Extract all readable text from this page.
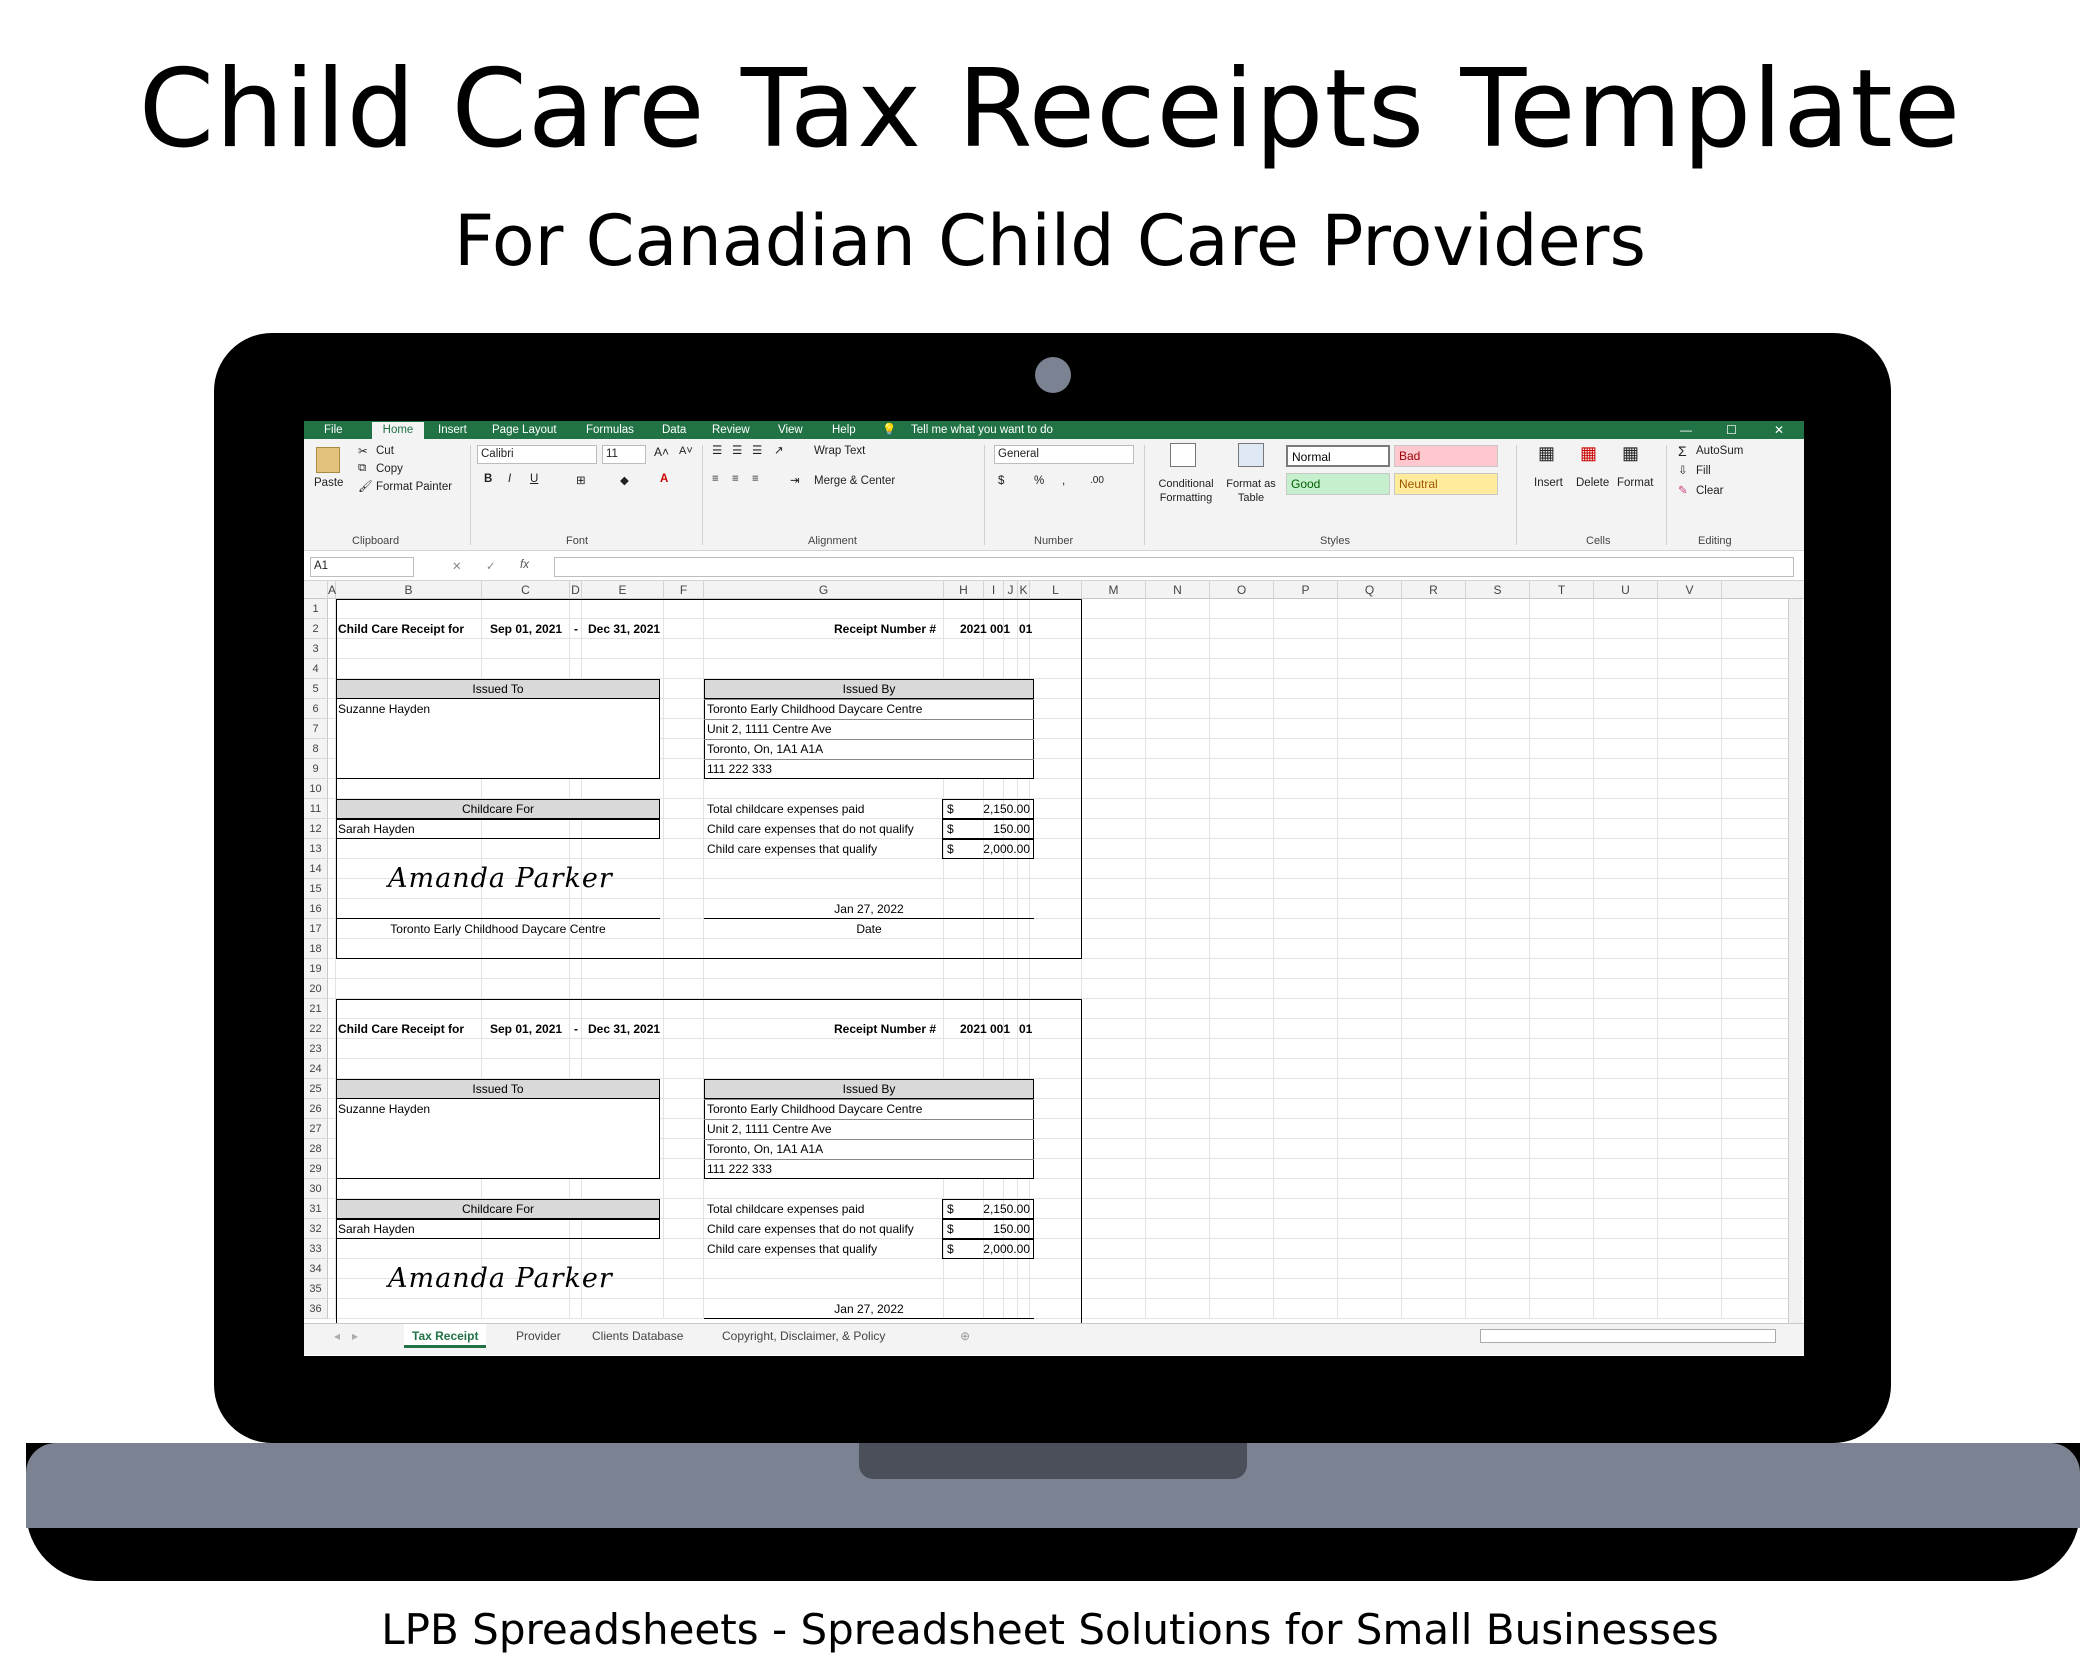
Child Care Tax Receipts Template
For Canadian Child Care Providers
File	Home	Insert	Page Layout	Formulas	Data	Review	View	Help	💡	Tell me what you want to do	—	☐	✕
Paste
✂ Cut
⧉ Copy
🖌 Format Painter
Clipboard
Calibri	11	A˄ A˅
B I U	⊞	◆	A
Font
☰ ☰ ☰ ↗
≡ ≡ ≡	⇥
Wrap Text
Merge & Center
Alignment
General
$	% , .00
Number
Conditional Formatting
Format as Table
Normal	Bad
Good	Neutral
Styles
▦
Insert
▦
Delete
▦
Format
Cells
Σ AutoSum
⇩ Fill
✎ Clear
Editing
A1	✕ ✓ fx
A	B	C	D	E	F	G	H	I	J K	L	M	N	O	P	Q	R	S	T	U	V
1
2
3
4
5
6
7
8
9
10
11
12
13
14
15
16
17
18
19
20
21
22
23
24
25
26
27
28
29
30
31
32
33
34
35
36
Child Care Receipt for Sep 01, 2021 - Dec 31, 2021	Receipt Number # 2021 001 01
Issued To
Suzanne Hayden
Issued By
Toronto Early Childhood Daycare Centre
Unit 2, 1111 Centre Ave
Toronto, On, 1A1 A1A
111 222 333
Childcare For
Sarah Hayden
Total childcare expenses paid	$	2,150.00
Child care expenses that do not qualify	$	150.00
Child care expenses that qualify	$	2,000.00
Amanda Parker
Jan 27, 2022
Toronto Early Childhood Daycare Centre	Date
Child Care Receipt for Sep 01, 2021 - Dec 31, 2021	Receipt Number # 2021 001 01
Issued To
Suzanne Hayden
Issued By
Toronto Early Childhood Daycare Centre
Unit 2, 1111 Centre Ave
Toronto, On, 1A1 A1A
111 222 333
Childcare For
Sarah Hayden
Total childcare expenses paid	$	2,150.00
Child care expenses that do not qualify	$	150.00
Child care expenses that qualify	$	2,000.00
Amanda Parker
Jan 27, 2022
◂ ▸	Tax Receipt	Provider	Clients Database	Copyright, Disclaimer, & Policy	⊕
LPB Spreadsheets - Spreadsheet Solutions for Small Businesses
